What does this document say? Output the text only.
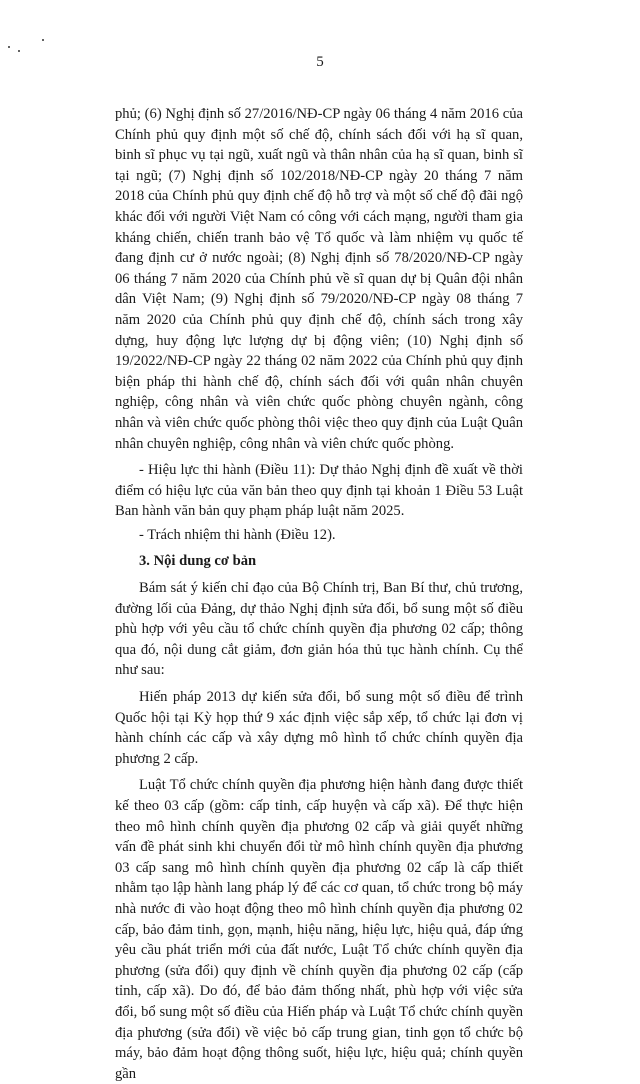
5

phủ; (6) Nghị định số 27/2016/NĐ-CP ngày 06 tháng 4 năm 2016 của Chính phủ quy định một số chế độ, chính sách đối với hạ sĩ quan, binh sĩ phục vụ tại ngũ, xuất ngũ và thân nhân của hạ sĩ quan, binh sĩ tại ngũ; (7) Nghị định số 102/2018/NĐ-CP ngày 20 tháng 7 năm 2018 của Chính phủ quy định chế độ hỗ trợ và một số chế độ đãi ngộ khác đối với người Việt Nam có công với cách mạng, người tham gia kháng chiến, chiến tranh bảo vệ Tổ quốc và làm nhiệm vụ quốc tế đang định cư ở nước ngoài; (8) Nghị định số 78/2020/NĐ-CP ngày 06 tháng 7 năm 2020 của Chính phủ về sĩ quan dự bị Quân đội nhân dân Việt Nam; (9) Nghị định số 79/2020/NĐ-CP ngày 08 tháng 7 năm 2020 của Chính phủ quy định chế độ, chính sách trong xây dựng, huy động lực lượng dự bị động viên; (10) Nghị định số 19/2022/NĐ-CP ngày 22 tháng 02 năm 2022 của Chính phủ quy định biện pháp thi hành chế độ, chính sách đối với quân nhân chuyên nghiệp, công nhân và viên chức quốc phòng chuyên ngành, công nhân và viên chức quốc phòng thôi việc theo quy định của Luật Quân nhân chuyên nghiệp, công nhân và viên chức quốc phòng.

- Hiệu lực thi hành (Điều 11): Dự thảo Nghị định đề xuất về thời điểm có hiệu lực của văn bản theo quy định tại khoản 1 Điều 53 Luật Ban hành văn bản quy phạm pháp luật năm 2025.

- Trách nhiệm thi hành (Điều 12).

3. Nội dung cơ bản

Bám sát ý kiến chỉ đạo của Bộ Chính trị, Ban Bí thư, chủ trương, đường lối của Đảng, dự thảo Nghị định sửa đổi, bổ sung một số điều phù hợp với yêu cầu tổ chức chính quyền địa phương 02 cấp; thông qua đó, nội dung cắt giảm, đơn giản hóa thủ tục hành chính. Cụ thể như sau:

Hiến pháp 2013 dự kiến sửa đổi, bổ sung một số điều để trình Quốc hội tại Kỳ họp thứ 9 xác định việc sắp xếp, tổ chức lại đơn vị hành chính các cấp và xây dựng mô hình tổ chức chính quyền địa phương 2 cấp.

Luật Tổ chức chính quyền địa phương hiện hành đang được thiết kế theo 03 cấp (gồm: cấp tỉnh, cấp huyện và cấp xã). Để thực hiện theo mô hình chính quyền địa phương 02 cấp và giải quyết những vấn đề phát sinh khi chuyển đổi từ mô hình chính quyền địa phương 03 cấp sang mô hình chính quyền địa phương 02 cấp là cấp thiết nhằm tạo lập hành lang pháp lý để các cơ quan, tổ chức trong bộ máy nhà nước đi vào hoạt động theo mô hình chính quyền địa phương 02 cấp, bảo đảm tinh, gọn, mạnh, hiệu năng, hiệu lực, hiệu quả, đáp ứng yêu cầu phát triển mới của đất nước, Luật Tổ chức chính quyền địa phương (sửa đổi) quy định về chính quyền địa phương 02 cấp (cấp tỉnh, cấp xã). Do đó, để bảo đảm thống nhất, phù hợp với việc sửa đổi, bổ sung một số điều của Hiến pháp và Luật Tổ chức chính quyền địa phương (sửa đổi) về việc bỏ cấp trung gian, tinh gọn tổ chức bộ máy, bảo đảm hoạt động thông suốt, hiệu lực, hiệu quả; chính quyền gần
